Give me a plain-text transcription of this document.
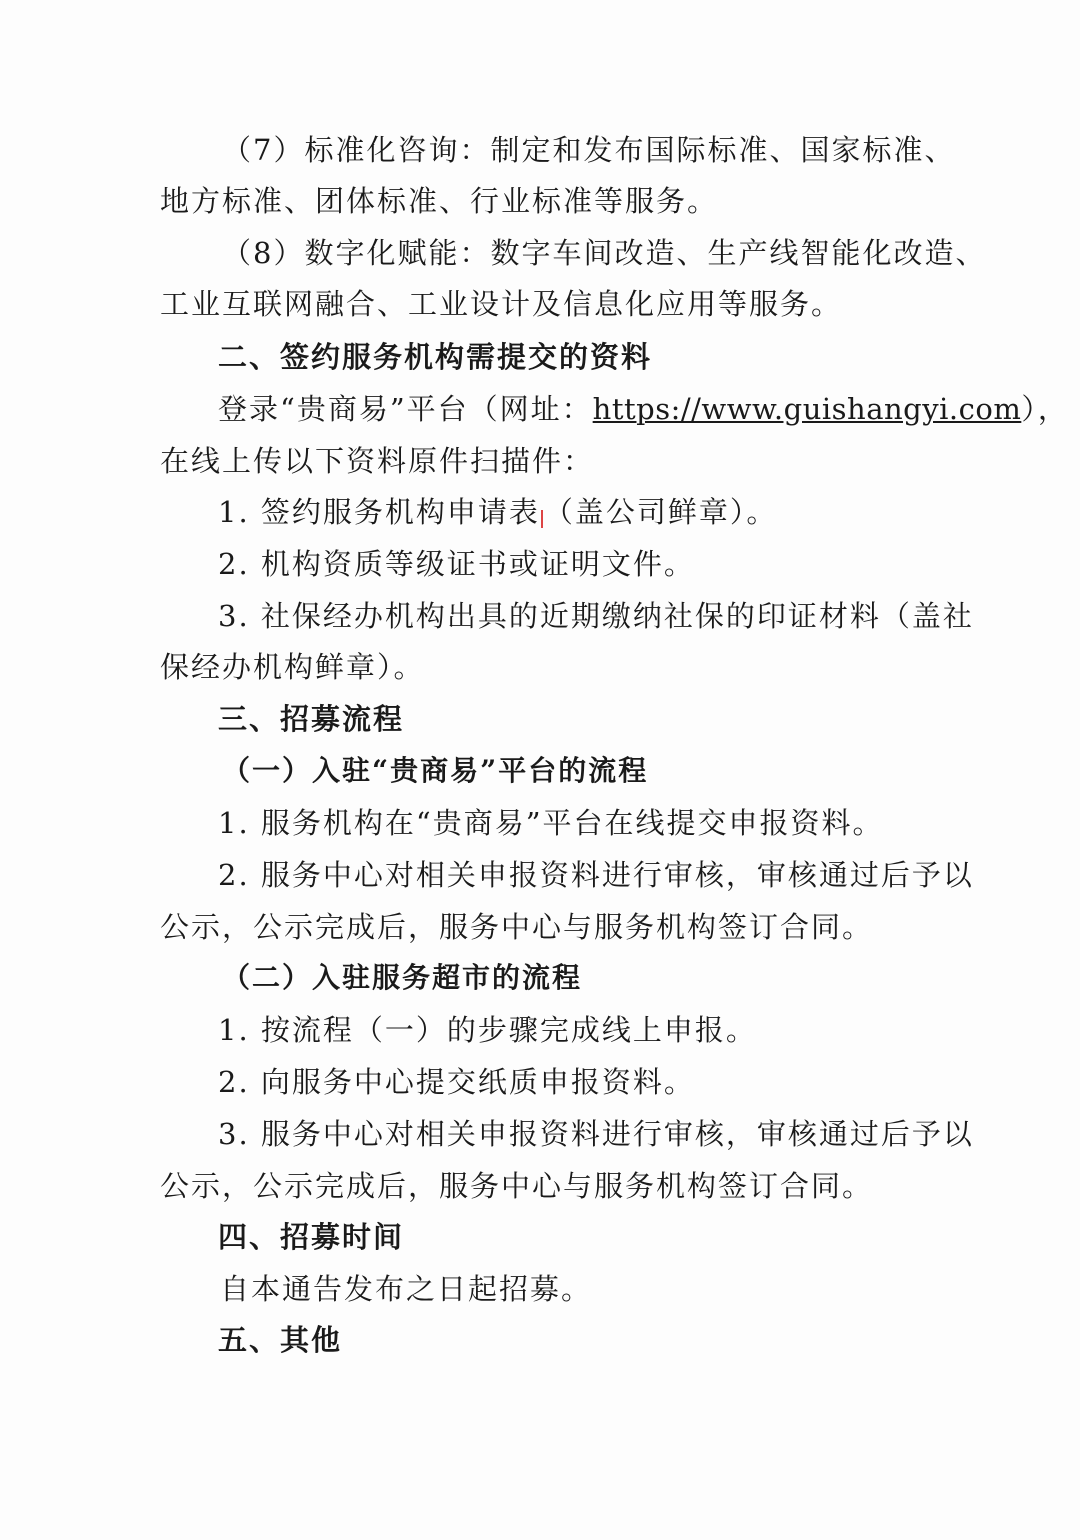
（7）标准化咨询：制定和发布国际标准、国家标准、
地方标准、团体标准、行业标准等服务。
（8）数字化赋能：数字车间改造、生产线智能化改造、
工业互联网融合、工业设计及信息化应用等服务。
二、签约服务机构需提交的资料
登录“贵商易”平台（网址：https://www.guishangyi.com），
在线上传以下资料原件扫描件：
1. 签约服务机构申请表 （盖公司鲜章）。
2. 机构资质等级证书或证明文件。
3. 社保经办机构出具的近期缴纳社保的印证材料（盖社
保经办机构鲜章）。
三、招募流程
（一）入驻“贵商易”平台的流程
1. 服务机构在“贵商易”平台在线提交申报资料。
2. 服务中心对相关申报资料进行审核，审核通过后予以
公示，公示完成后，服务中心与服务机构签订合同。
（二）入驻服务超市的流程
1. 按流程（一）的步骤完成线上申报。
2. 向服务中心提交纸质申报资料。
3. 服务中心对相关申报资料进行审核，审核通过后予以
公示，公示完成后，服务中心与服务机构签订合同。
四、招募时间
自本通告发布之日起招募。
五、其他
